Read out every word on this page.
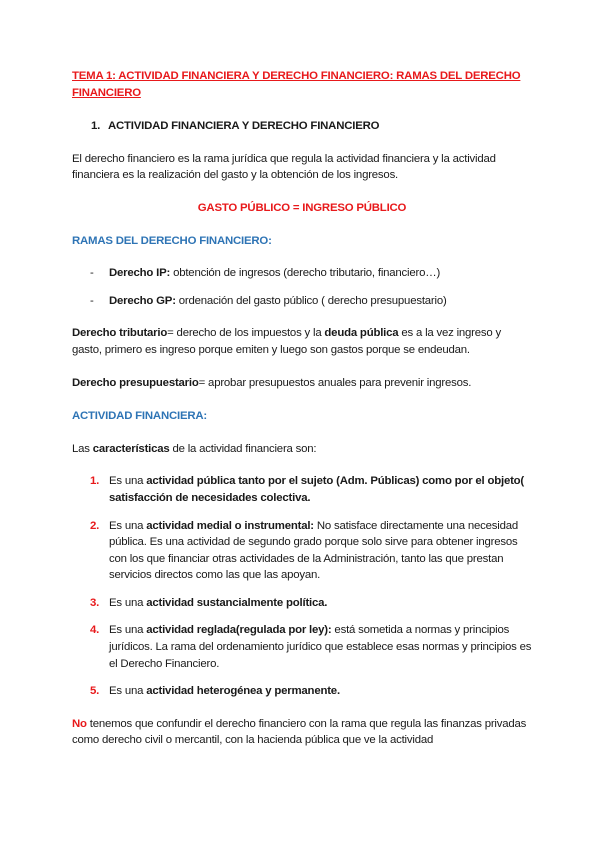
TEMA 1: ACTIVIDAD FINANCIERA Y DERECHO FINANCIERO: RAMAS DEL DERECHO FINANCIERO

1. ACTIVIDAD FINANCIERA Y DERECHO FINANCIERO

El derecho financiero es la rama jurídica que regula la actividad financiera y la actividad financiera es la realización del gasto y la obtención de los ingresos.

GASTO PÚBLICO = INGRESO PÚBLICO

RAMAS DEL DERECHO FINANCIERO:

- Derecho IP: obtención de ingresos (derecho tributario, financiero…)

- Derecho GP: ordenación del gasto público ( derecho presupuestario)

Derecho tributario= derecho de los impuestos y la deuda pública es a la vez ingreso y gasto, primero es ingreso porque emiten y luego son gastos porque se endeudan.

Derecho presupuestario= aprobar presupuestos anuales para prevenir ingresos.

ACTIVIDAD FINANCIERA:

Las características de la actividad financiera son:

1. Es una actividad pública tanto por el sujeto (Adm. Públicas) como por el objeto( satisfacción de necesidades colectiva.

2. Es una actividad medial o instrumental: No satisface directamente una necesidad pública. Es una actividad de segundo grado porque solo sirve para obtener ingresos con los que financiar otras actividades de la Administración, tanto las que prestan servicios directos como las que las apoyan.

3. Es una actividad sustancialmente política.

4. Es una actividad reglada(regulada por ley): está sometida a normas y principios jurídicos. La rama del ordenamiento jurídico que establece esas normas y principios es el Derecho Financiero.

5. Es una actividad heterogénea y permanente.

No tenemos que confundir el derecho financiero con la rama que regula las finanzas privadas como derecho civil o mercantil, con la hacienda pública que ve la actividad
